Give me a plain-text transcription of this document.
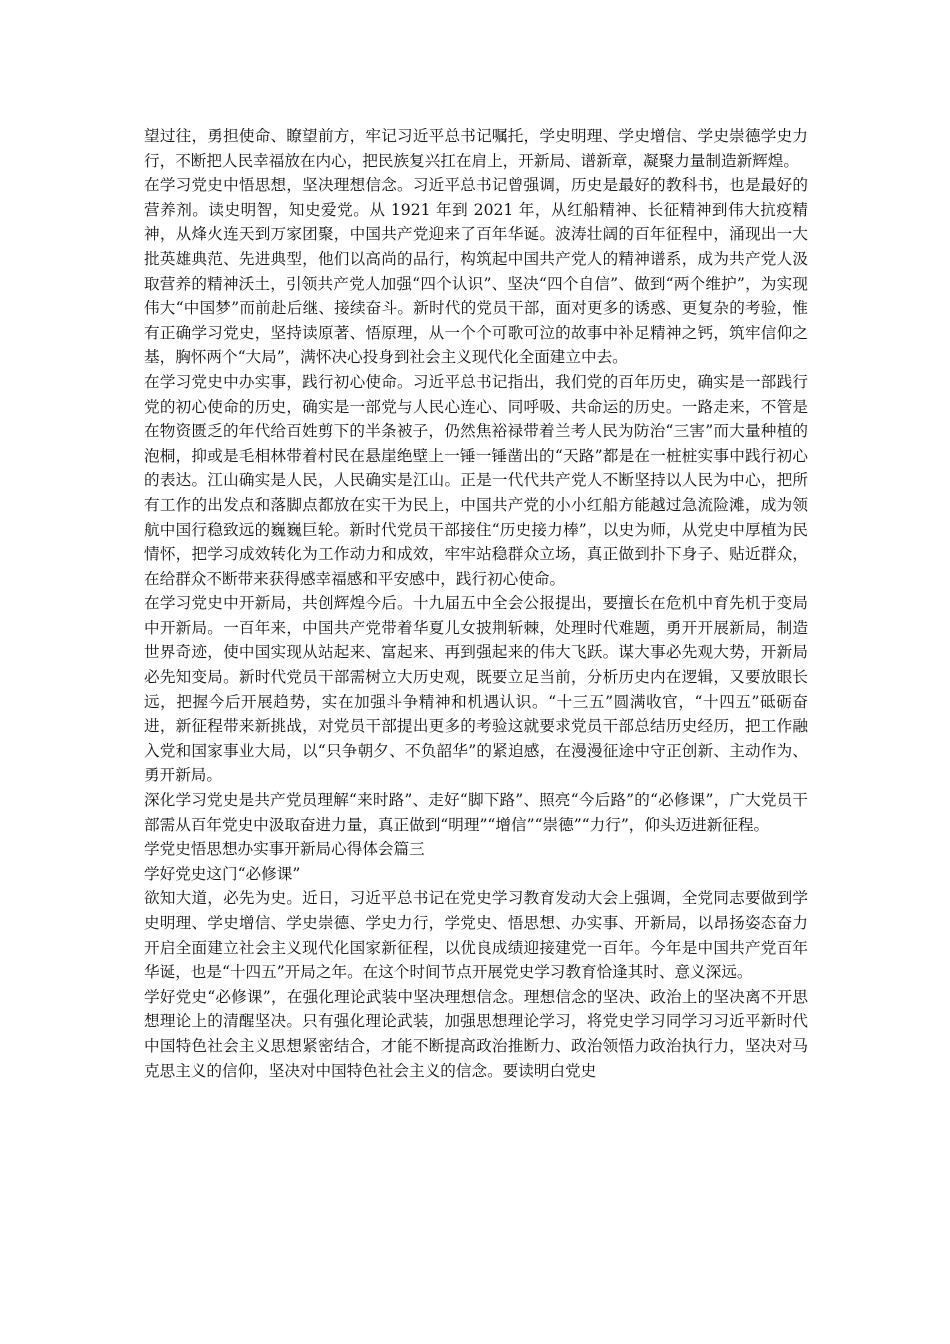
望过往，勇担使命、瞭望前方，牢记习近平总书记嘱托，学史明理、学史增信、学史崇德学史力行，不断把人民幸福放在内心，把民族复兴扛在肩上，开新局、谱新章，凝聚力量制造新辉煌。

在学习党史中悟思想，坚决理想信念。习近平总书记曾强调，历史是最好的教科书，也是最好的营养剂。读史明智，知史爱党。从 1921 年到 2021 年，从红船精神、长征精神到伟大抗疫精神，从烽火连天到万家团聚，中国共产党迎来了百年华诞。波涛壮阔的百年征程中，涌现出一大批英雄典范、先进典型，他们以高尚的品行，构筑起中国共产党人的精神谱系，成为共产党人汲取营养的精神沃土，引领共产党人加强“四个认识”、坚决“四个自信”、做到“两个维护”，为实现伟大“中国梦”而前赴后继、接续奋斗。新时代的党员干部，面对更多的诱惑、更复杂的考验，惟有正确学习党史，坚持读原著、悟原理，从一个个可歌可泣的故事中补足精神之钙，筑牢信仰之基，胸怀两个“大局”，满怀决心投身到社会主义现代化全面建立中去。

在学习党史中办实事，践行初心使命。习近平总书记指出，我们党的百年历史，确实是一部践行党的初心使命的历史，确实是一部党与人民心连心、同呼吸、共命运的历史。一路走来，不管是在物资匮乏的年代给百姓剪下的半条被子，仍然焦裕禄带着兰考人民为防治“三害”而大量种植的泡桐，抑或是毛相林带着村民在悬崖绝壁上一锤一锤凿出的“天路”都是在一桩桩实事中践行初心的表达。江山确实是人民，人民确实是江山。正是一代代共产党人不断坚持以人民为中心，把所有工作的出发点和落脚点都放在实干为民上，中国共产党的小小红船方能越过急流险滩，成为领航中国行稳致远的巍巍巨轮。新时代党员干部接住“历史接力棒”，以史为师，从党史中厚植为民情怀，把学习成效转化为工作动力和成效，牢牢站稳群众立场，真正做到扑下身子、贴近群众，在给群众不断带来获得感幸福感和平安感中，践行初心使命。

在学习党史中开新局，共创辉煌今后。十九届五中全会公报提出，要擅长在危机中育先机于变局中开新局。一百年来，中国共产党带着华夏儿女披荆斩棘，处理时代难题，勇开开展新局，制造世界奇迹，使中国实现从站起来、富起来、再到强起来的伟大飞跃。谋大事必先观大势，开新局必先知变局。新时代党员干部需树立大历史观，既要立足当前，分析历史内在逻辑，又要放眼长远，把握今后开展趋势，实在加强斗争精神和机遇认识。“十三五”圆满收官，“十四五”砥砺奋进，新征程带来新挑战，对党员干部提出更多的考验这就要求党员干部总结历史经历，把工作融入党和国家事业大局，以“只争朝夕、不负韶华”的紧迫感，在漫漫征途中守正创新、主动作为、勇开新局。

深化学习党史是共产党员理解“来时路”、走好“脚下路”、照亮“今后路”的“必修课”，广大党员干部需从百年党史中汲取奋进力量，真正做到“明理”“增信”“崇德”“力行”，仰头迈进新征程。

学党史悟思想办实事开新局心得体会篇三

学好党史这门“必修课”

欲知大道，必先为史。近日，习近平总书记在党史学习教育发动大会上强调，全党同志要做到学史明理、学史增信、学史崇德、学史力行，学党史、悟思想、办实事、开新局，以昂扬姿态奋力开启全面建立社会主义现代化国家新征程，以优良成绩迎接建党一百年。今年是中国共产党百年华诞，也是“十四五”开局之年。在这个时间节点开展党史学习教育恰逢其时、意义深远。

学好党史“必修课”，在强化理论武装中坚决理想信念。理想信念的坚决、政治上的坚决离不开思想理论上的清醒坚决。只有强化理论武装，加强思想理论学习，将党史学习同学习习近平新时代中国特色社会主义思想紧密结合，才能不断提高政治推断力、政治领悟力政治执行力，坚决对马克思主义的信仰，坚决对中国特色社会主义的信念。要读明白党史
